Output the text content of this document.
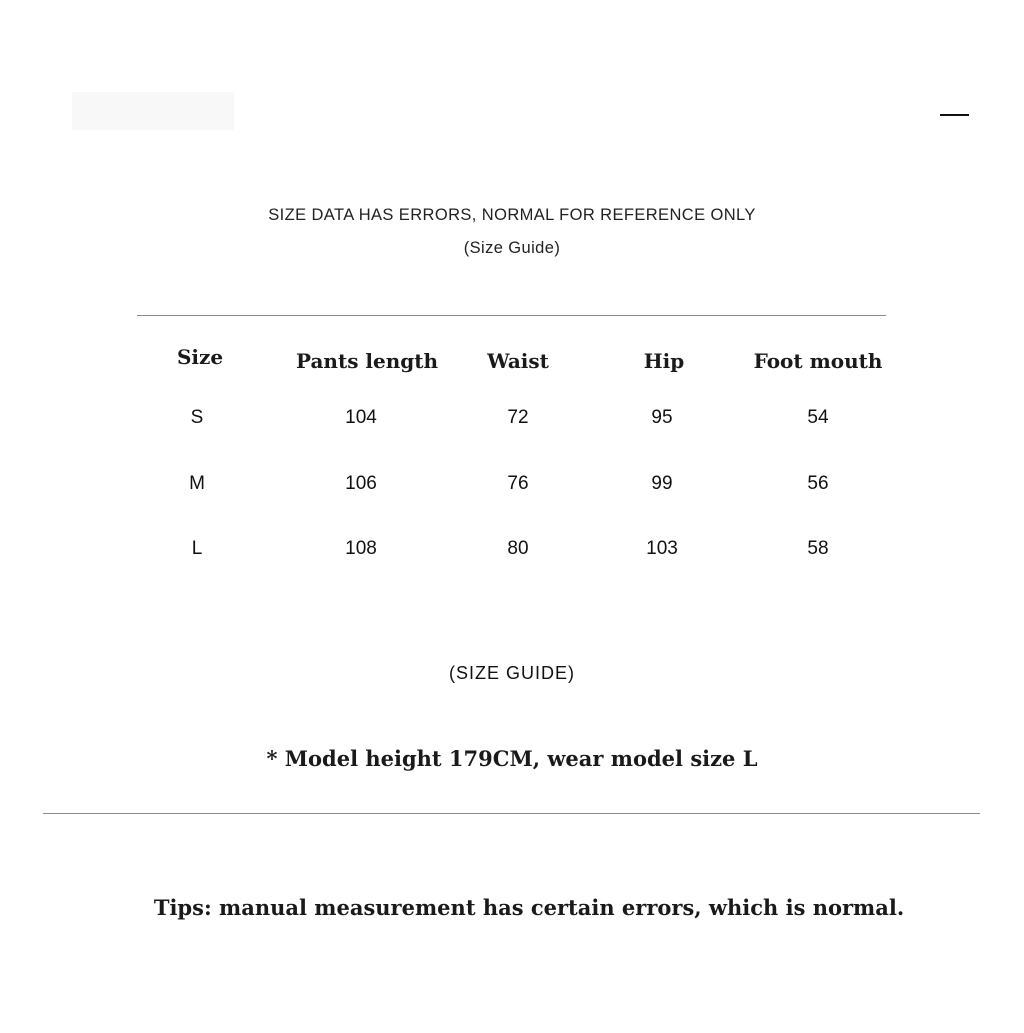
SIZE DATA HAS ERRORS, NORMAL FOR REFERENCE ONLY
(Size Guide)
Size	Pants length	Waist	Hip	Foot mouth
S	104	72	95	54
M	106	76	99	56
L	108	80	103	58
(SIZE GUIDE)
* Model height 179CM, wear model size L
Tips: manual measurement has certain errors, which is normal.
